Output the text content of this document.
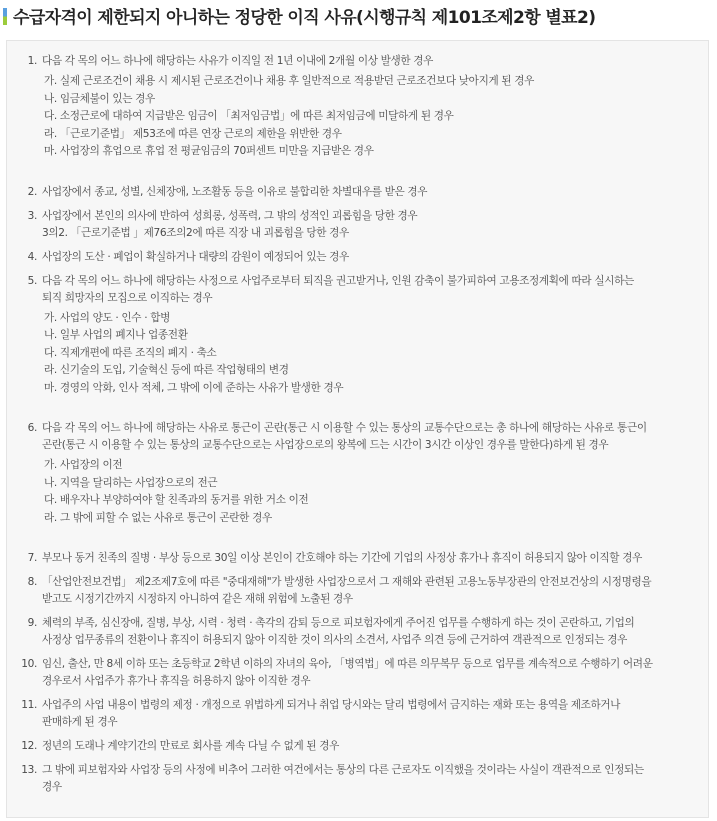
수급자격이 제한되지 아니하는 정당한 이직 사유(시행규칙 제101조제2항 별표2)
1. 다음 각 목의 어느 하나에 해당하는 사유가 이직일 전 1년 이내에 2개월 이상 발생한 경우
가. 실제 근로조건이 채용 시 제시된 근로조건이나 채용 후 일반적으로 적용받던 근로조건보다 낮아지게 된 경우
나. 임금체불이 있는 경우
다. 소정근로에 대하여 지급받은 임금이 「최저임금법」에 따른 최저임금에 미달하게 된 경우
라. 「근로기준법」 제53조에 따른 연장 근로의 제한을 위반한 경우
마. 사업장의 휴업으로 휴업 전 평균임금의 70퍼센트 미만을 지급받은 경우
2. 사업장에서 종교, 성별, 신체장애, 노조활동 등을 이유로 불합리한 차별대우를 받은 경우
3. 사업장에서 본인의 의사에 반하여 성희롱, 성폭력, 그 밖의 성적인 괴롭힘을 당한 경우
3의2. 「근로기준법 」제76조의2에 따른 직장 내 괴롭힘을 당한 경우
4. 사업장의 도산 · 폐업이 확실하거나 대량의 감원이 예정되어 있는 경우
5. 다음 각 목의 어느 하나에 해당하는 사정으로 사업주로부터 퇴직을 권고받거나, 인원 감축이 불가피하여 고용조정계획에 따라 실시하는
퇴직 희망자의 모집으로 이직하는 경우
가. 사업의 양도 · 인수 · 합병
나. 일부 사업의 폐지나 업종전환
다. 직제개편에 따른 조직의 폐지 · 축소
라. 신기술의 도입, 기술혁신 등에 따른 작업형태의 변경
마. 경영의 악화, 인사 적체, 그 밖에 이에 준하는 사유가 발생한 경우
6. 다음 각 목의 어느 하나에 해당하는 사유로 통근이 곤란(통근 시 이용할 수 있는 통상의 교통수단으로는 총 하나에 해당하는 사유로 통근이
곤란(통근 시 이용할 수 있는 통상의 교통수단으로는 사업장으로의 왕복에 드는 시간이 3시간 이상인 경우를 말한다)하게 된 경우
가. 사업장의 이전
나. 지역을 달리하는 사업장으로의 전근
다. 배우자나 부양하여야 할 친족과의 동거를 위한 거소 이전
라. 그 밖에 피할 수 없는 사유로 통근이 곤란한 경우
7. 부모나 동거 친족의 질병 · 부상 등으로 30일 이상 본인이 간호해야 하는 기간에 기업의 사정상 휴가나 휴직이 허용되지 않아 이직할 경우
8. 「산업안전보건법」 제2조제7호에 따른 "중대재해"가 발생한 사업장으로서 그 재해와 관련된 고용노동부장관의 안전보건상의 시정명령을
받고도 시정기간까지 시정하지 아니하여 같은 재해 위험에 노출된 경우
9. 체력의 부족, 심신장애, 질병, 부상, 시력 · 청력 · 촉각의 감퇴 등으로 피보험자에게 주어진 업무를 수행하게 하는 것이 곤란하고, 기업의
사정상 업무종류의 전환이나 휴직이 허용되지 않아 이직한 것이 의사의 소견서, 사업주 의견 등에 근거하여 객관적으로 인정되는 경우
10. 임신, 출산, 만 8세 이하 또는 초등학교 2학년 이하의 자녀의 육아, 「병역법」에 따른 의무복무 등으로 업무를 계속적으로 수행하기 어려운
경우로서 사업주가 휴가나 휴직을 허용하지 않아 이직한 경우
11. 사업주의 사업 내용이 법령의 제정 · 개정으로 위법하게 되거나 취업 당시와는 달리 법령에서 금지하는 재화 또는 용역을 제조하거나
판매하게 된 경우
12. 정년의 도래나 계약기간의 만료로 회사를 계속 다닐 수 없게 된 경우
13. 그 밖에 피보험자와 사업장 등의 사정에 비추어 그러한 여건에서는 통상의 다른 근로자도 이직했을 것이라는 사실이 객관적으로 인정되는
경우
